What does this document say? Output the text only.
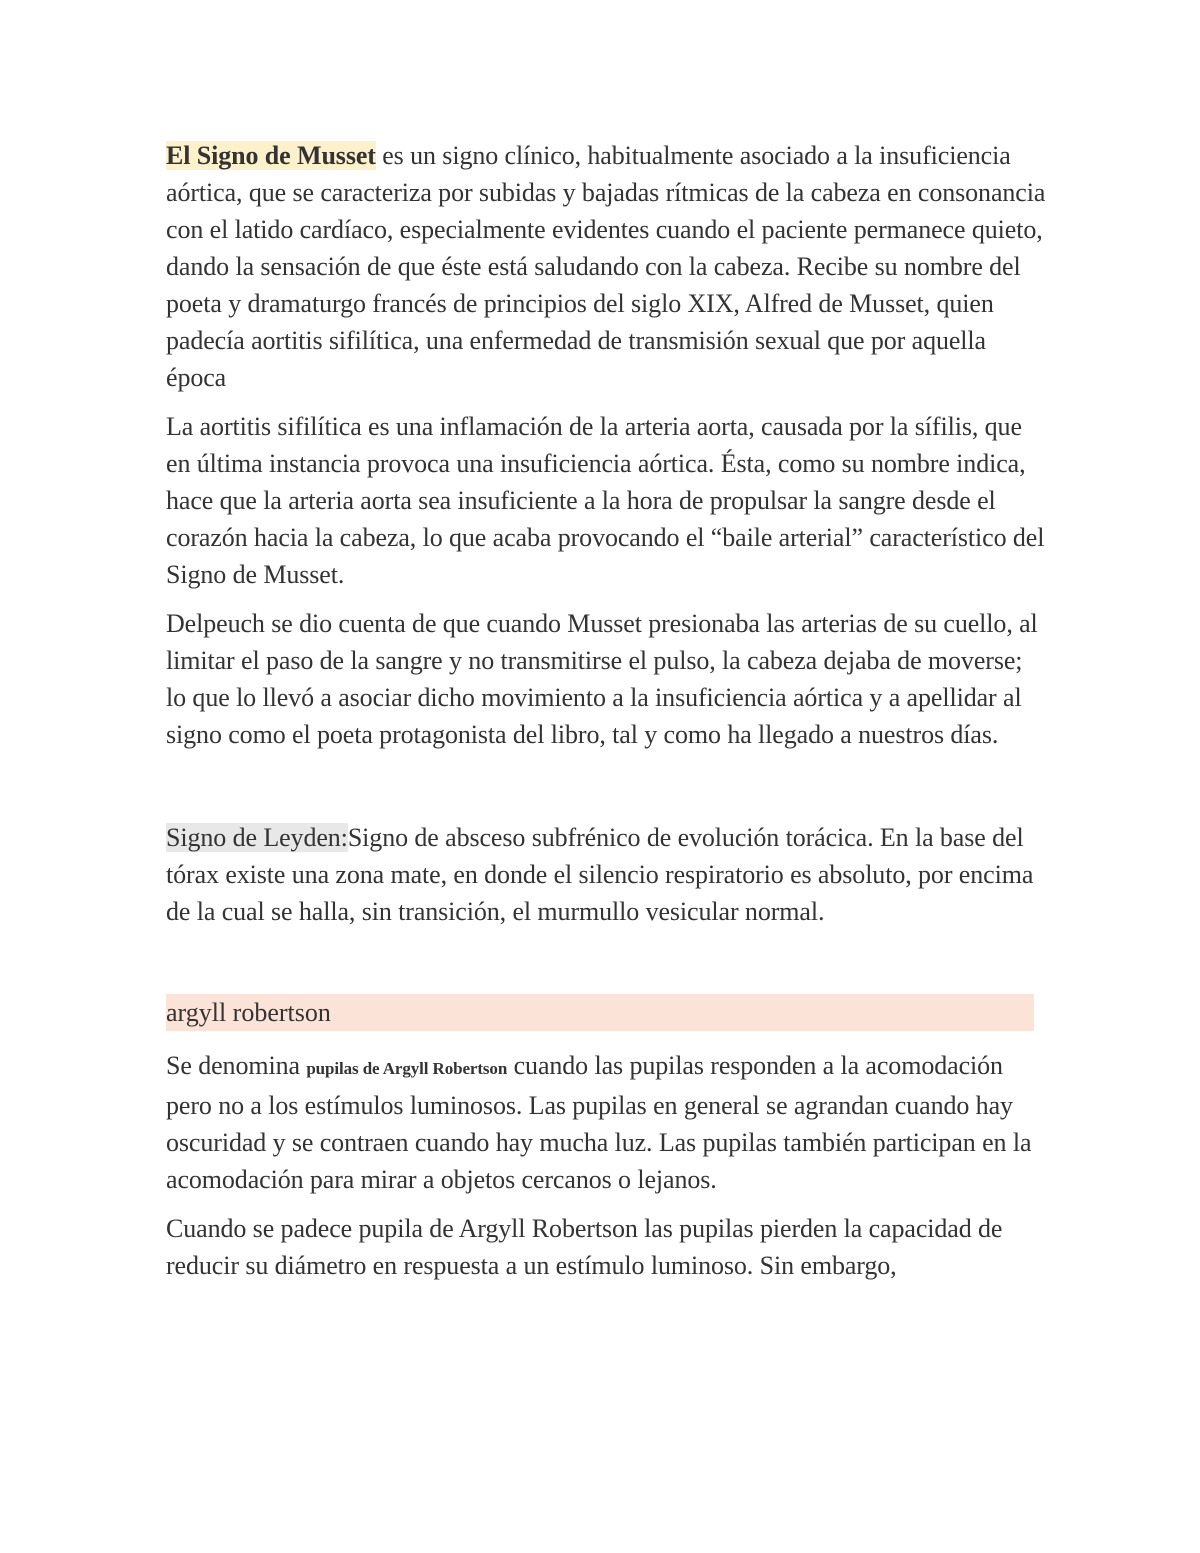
El Signo de Musset es un signo clínico, habitualmente asociado a la insuficiencia aórtica, que se caracteriza por subidas y bajadas rítmicas de la cabeza en consonancia con el latido cardíaco, especialmente evidentes cuando el paciente permanece quieto, dando la sensación de que éste está saludando con la cabeza. Recibe su nombre del poeta y dramaturgo francés de principios del siglo XIX, Alfred de Musset, quien padecía aortitis sifilítica, una enfermedad de transmisión sexual que por aquella época

La aortitis sifilítica es una inflamación de la arteria aorta, causada por la sífilis, que en última instancia provoca una insuficiencia aórtica. Ésta, como su nombre indica, hace que la arteria aorta sea insuficiente a la hora de propulsar la sangre desde el corazón hacia la cabeza, lo que acaba provocando el “baile arterial” característico del Signo de Musset.

Delpeuch se dio cuenta de que cuando Musset presionaba las arterias de su cuello, al limitar el paso de la sangre y no transmitirse el pulso, la cabeza dejaba de moverse; lo que lo llevó a asociar dicho movimiento a la insuficiencia aórtica y a apellidar al signo como el poeta protagonista del libro, tal y como ha llegado a nuestros días.

Signo de Leyden:Signo de absceso subfrénico de evolución torácica. En la base del tórax existe una zona mate, en donde el silencio respiratorio es absoluto, por encima de la cual se halla, sin transición, el murmullo vesicular normal.

argyll robertson

Se denomina pupilas de Argyll Robertson cuando las pupilas responden a la acomodación pero no a los estímulos luminosos. Las pupilas en general se agrandan cuando hay oscuridad y se contraen cuando hay mucha luz. Las pupilas también participan en la acomodación para mirar a objetos cercanos o lejanos.

Cuando se padece pupila de Argyll Robertson las pupilas pierden la capacidad de reducir su diámetro en respuesta a un estímulo luminoso. Sin embargo,
